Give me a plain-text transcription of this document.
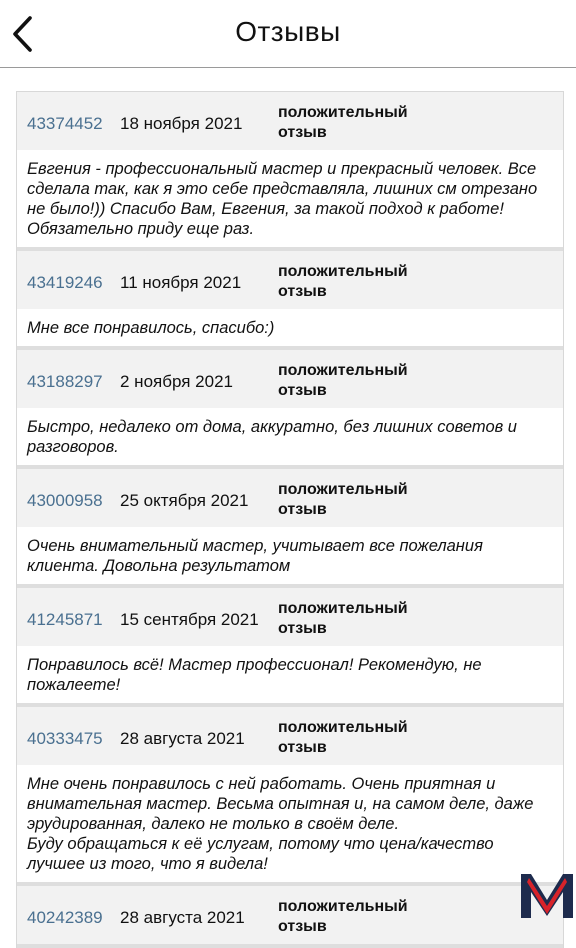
Отзывы
43374452 18 ноября 2021
положительный
отзыв
Евгения - профессиональный мастер и прекрасный человек. Все сделала так, как я это себе представляла, лишних см отрезано не было!)) Спасибо Вам, Евгения, за такой подход к работе! Обязательно приду еще раз.
43419246 11 ноября 2021
положительный
отзыв
Мне все понравилось, спасибо:)
43188297 2 ноября 2021
положительный
отзыв
Быстро, недалеко от дома, аккуратно, без лишних советов и разговоров.
43000958 25 октября 2021
положительный
отзыв
Очень внимательный мастер, учитывает все пожелания клиента. Довольна результатом
41245871 15 сентября 2021
положительный
отзыв
Понравилось всё! Мастер профессионал! Рекомендую, не пожалеете!
40333475 28 августа 2021
положительный
отзыв
Мне очень понравилось с ней работать. Очень приятная и внимательная мастер. Весьма опытная и, на самом деле, даже эрудированная, далеко не только в своём деле.
Буду обращаться к её услугам, потому что цена/качество лучшее из того, что я видела!
40242389 28 августа 2021
положительный
отзыв
